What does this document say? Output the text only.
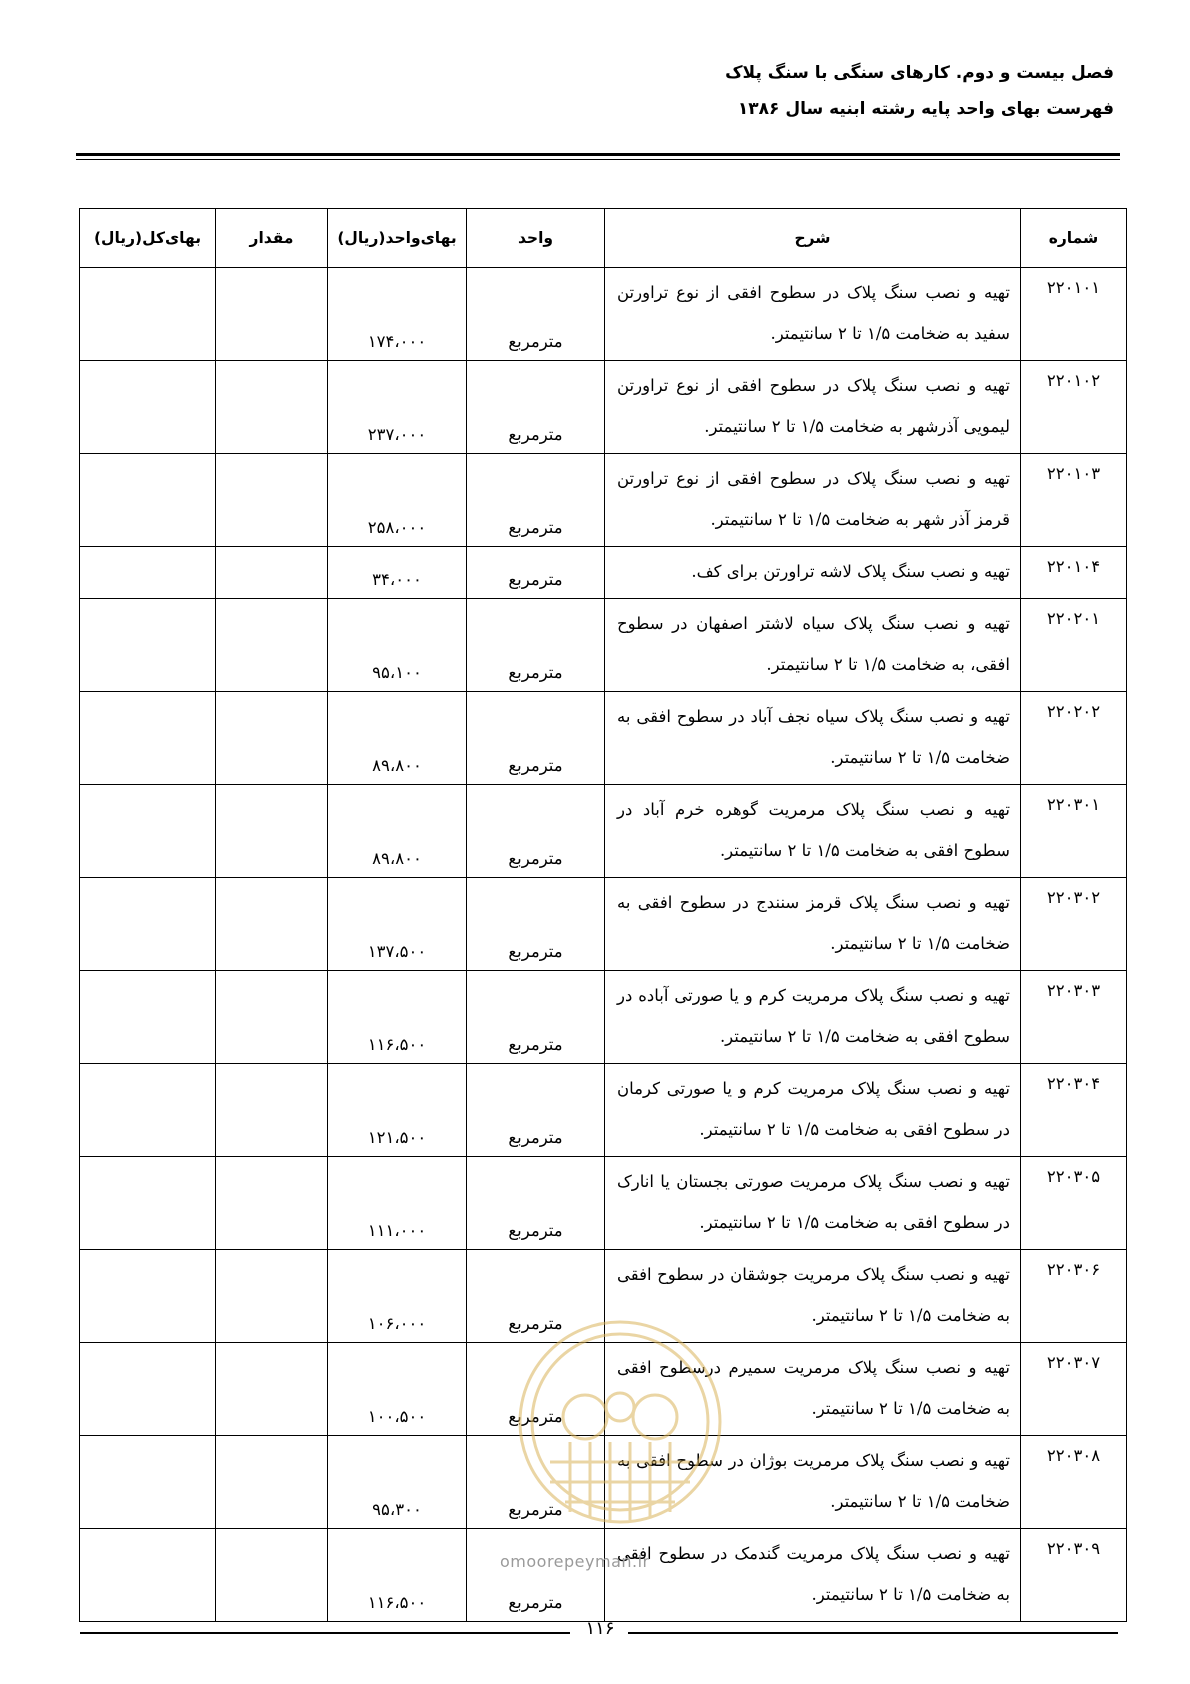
فصل بیست و دوم. کارهای سنگی با سنگ پلاک
فهرست بهای واحد پایه رشته ابنیه سال ۱۳۸۶
شماره	شرح	واحد	بهای‌واحد(ریال)	مقدار	بهای‌کل(ریال)
۲۲۰۱۰۱	تهیه و نصب سنگ پلاک در سطوح افقی از نوع تراورتن سفید به ضخامت ۱/۵ تا ۲ سانتیمتر.	مترمربع	۱۷۴،۰۰۰		
۲۲۰۱۰۲	تهیه و نصب سنگ پلاک در سطوح افقی از نوع تراورتن لیمویی آذرشهر به ضخامت ۱/۵ تا ۲ سانتیمتر.	مترمربع	۲۳۷،۰۰۰		
۲۲۰۱۰۳	تهیه و نصب سنگ پلاک در سطوح افقی از نوع تراورتن قرمز آذر شهر به ضخامت ۱/۵ تا ۲ سانتیمتر.	مترمربع	۲۵۸،۰۰۰		
۲۲۰۱۰۴	تهیه و نصب سنگ پلاک لاشه تراورتن برای کف.	مترمربع	۳۴،۰۰۰		
۲۲۰۲۰۱	تهیه و نصب سنگ پلاک سیاه لاشتر اصفهان در سطوح افقی، به ضخامت ۱/۵ تا ۲ سانتیمتر.	مترمربع	۹۵،۱۰۰		
۲۲۰۲۰۲	تهیه و نصب سنگ پلاک سیاه نجف آباد در سطوح افقی به ضخامت ۱/۵ تا ۲ سانتیمتر.	مترمربع	۸۹،۸۰۰		
۲۲۰۳۰۱	تهیه و نصب سنگ پلاک مرمریت گوهره خرم آباد در سطوح افقی به ضخامت ۱/۵ تا ۲ سانتیمتر.	مترمربع	۸۹،۸۰۰		
۲۲۰۳۰۲	تهیه و نصب سنگ پلاک قرمز سنندج در سطوح افقی به ضخامت ۱/۵ تا ۲ سانتیمتر.	مترمربع	۱۳۷،۵۰۰		
۲۲۰۳۰۳	تهیه و نصب سنگ پلاک مرمریت کرم و یا صورتی آباده در سطوح افقی به ضخامت ۱/۵ تا ۲ سانتیمتر.	مترمربع	۱۱۶،۵۰۰		
۲۲۰۳۰۴	تهیه و نصب سنگ پلاک مرمریت کرم و یا صورتی کرمان در سطوح افقی به ضخامت ۱/۵ تا ۲ سانتیمتر.	مترمربع	۱۲۱،۵۰۰		
۲۲۰۳۰۵	تهیه و نصب سنگ پلاک مرمریت صورتی بجستان یا انارک در سطوح افقی به ضخامت ۱/۵ تا ۲ سانتیمتر.	مترمربع	۱۱۱،۰۰۰		
۲۲۰۳۰۶	تهیه و نصب سنگ پلاک مرمریت جوشقان در سطوح افقی به ضخامت ۱/۵ تا ۲ سانتیمتر.	مترمربع	۱۰۶،۰۰۰		
۲۲۰۳۰۷	تهیه و نصب سنگ پلاک مرمریت سمیرم درسطوح افقی به ضخامت ۱/۵ تا ۲ سانتیمتر.	مترمربع	۱۰۰،۵۰۰		
۲۲۰۳۰۸	تهیه و نصب سنگ پلاک مرمریت بوژان در سطوح افقی به ضخامت ۱/۵ تا ۲ سانتیمتر.	مترمربع	۹۵،۳۰۰		
۲۲۰۳۰۹	تهیه و نصب سنگ پلاک مرمریت گندمک در سطوح افقی به ضخامت ۱/۵ تا ۲ سانتیمتر.	مترمربع	۱۱۶،۵۰۰		
omoorepeyman.ir
۱۱۶
